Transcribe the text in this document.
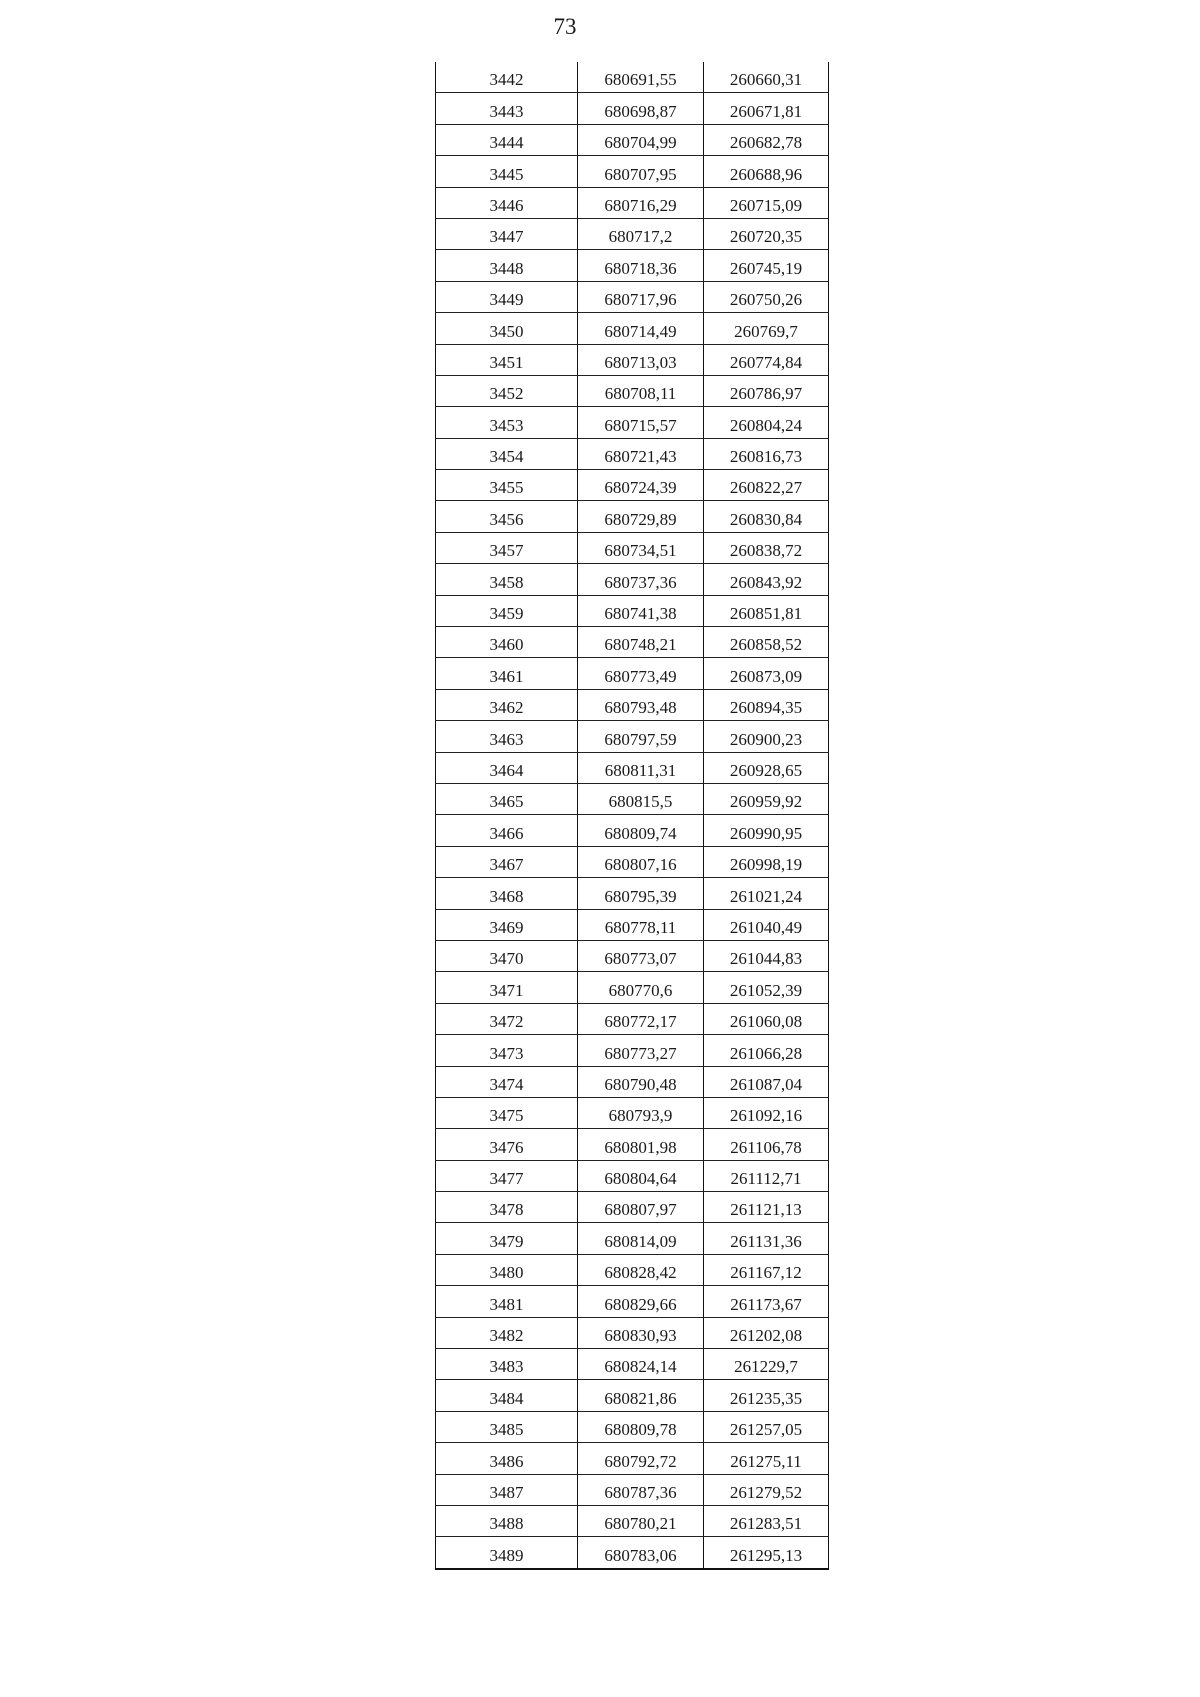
73
3442	680691,55	260660,31
3443	680698,87	260671,81
3444	680704,99	260682,78
3445	680707,95	260688,96
3446	680716,29	260715,09
3447	680717,2	260720,35
3448	680718,36	260745,19
3449	680717,96	260750,26
3450	680714,49	260769,7
3451	680713,03	260774,84
3452	680708,11	260786,97
3453	680715,57	260804,24
3454	680721,43	260816,73
3455	680724,39	260822,27
3456	680729,89	260830,84
3457	680734,51	260838,72
3458	680737,36	260843,92
3459	680741,38	260851,81
3460	680748,21	260858,52
3461	680773,49	260873,09
3462	680793,48	260894,35
3463	680797,59	260900,23
3464	680811,31	260928,65
3465	680815,5	260959,92
3466	680809,74	260990,95
3467	680807,16	260998,19
3468	680795,39	261021,24
3469	680778,11	261040,49
3470	680773,07	261044,83
3471	680770,6	261052,39
3472	680772,17	261060,08
3473	680773,27	261066,28
3474	680790,48	261087,04
3475	680793,9	261092,16
3476	680801,98	261106,78
3477	680804,64	261112,71
3478	680807,97	261121,13
3479	680814,09	261131,36
3480	680828,42	261167,12
3481	680829,66	261173,67
3482	680830,93	261202,08
3483	680824,14	261229,7
3484	680821,86	261235,35
3485	680809,78	261257,05
3486	680792,72	261275,11
3487	680787,36	261279,52
3488	680780,21	261283,51
3489	680783,06	261295,13
